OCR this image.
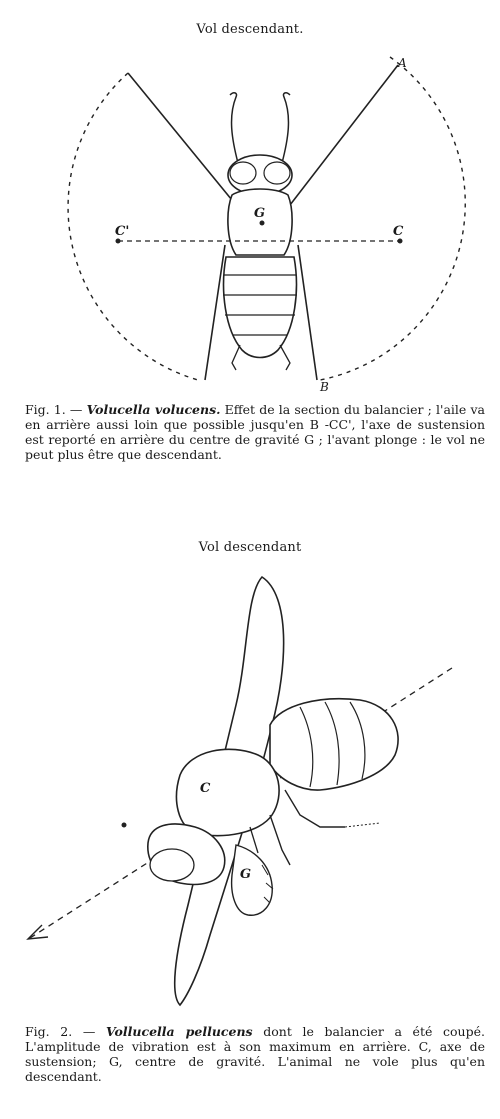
Vol descendant.
A
B
G
C
C'
Fig. 1. — Volucella volucens. Effet de la section du balancier ; l'aile va en arrière aussi loin que possible jusqu'en B -CC', l'axe de sustension est reporté en arrière du centre de gravité G ; l'avant plonge : le vol ne peut plus être que descendant.
Vol descendant
C
G
Fig. 2. — Vollucella pellucens dont le balancier a été coupé. L'amplitude de vibration est à son maximum en arrière. C, axe de sustension; G, centre de gravité. L'animal ne vole plus qu'en descendant.
